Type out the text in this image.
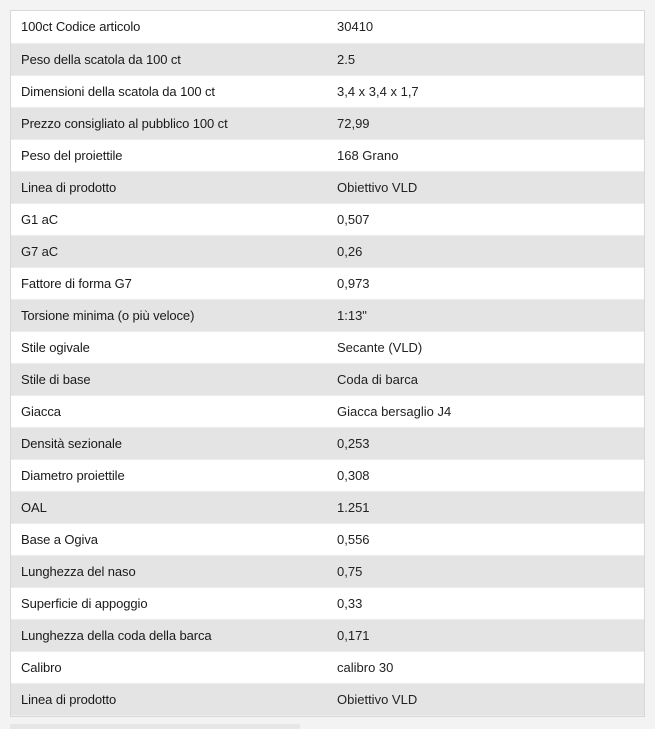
100ct Codice articolo	30410
Peso della scatola da 100 ct	2.5
Dimensioni della scatola da 100 ct	3,4 x 3,4 x 1,7
Prezzo consigliato al pubblico 100 ct	72,99
Peso del proiettile	168 Grano
Linea di prodotto	Obiettivo VLD
G1 aC	0,507
G7 aC	0,26
Fattore di forma G7	0,973
Torsione minima (o più veloce)	1:13"
Stile ogivale	Secante (VLD)
Stile di base	Coda di barca
Giacca	Giacca bersaglio J4
Densità sezionale	0,253
Diametro proiettile	0,308
OAL	1.251
Base a Ogiva	0,556
Lunghezza del naso	0,75
Superficie di appoggio	0,33
Lunghezza della coda della barca	0,171
Calibro	calibro 30
Linea di prodotto	Obiettivo VLD
